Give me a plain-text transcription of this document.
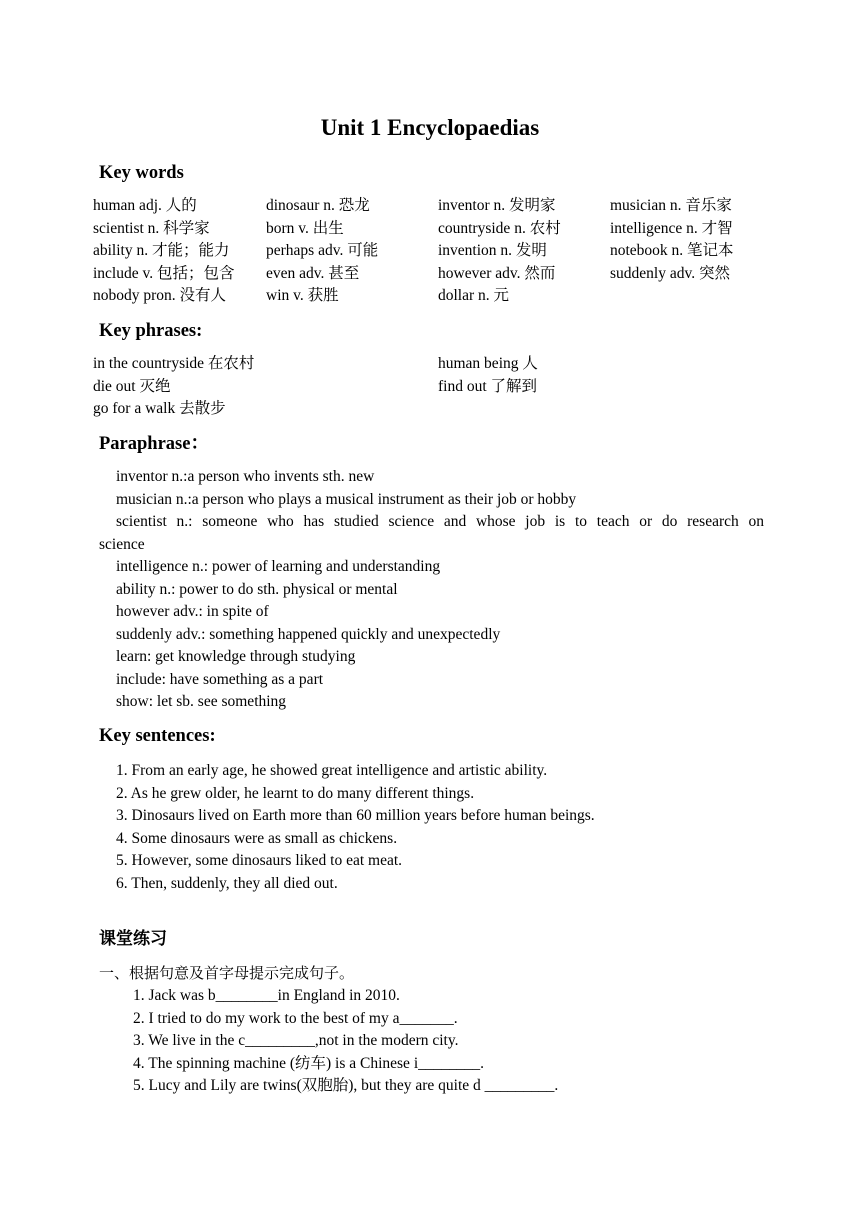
Unit 1 Encyclopaedias
Key words
human adj. 人的
scientist n. 科学家
ability n. 才能；能力
include v. 包括；包含
nobody pron. 没有人
dinosaur n. 恐龙
born v. 出生
perhaps adv. 可能
even adv. 甚至
win v. 获胜
inventor n. 发明家
countryside n. 农村
invention n. 发明
however adv. 然而
dollar n. 元
musician n. 音乐家
intelligence n. 才智
notebook n. 笔记本
suddenly adv. 突然
Key phrases:
in the countryside 在农村
die out 灭绝
go for a walk 去散步
human being 人
find out 了解到
Paraphrase：
inventor n.:a person who invents sth. new
musician n.:a person who plays a musical instrument as their job or hobby
scientist n.: someone who has studied science and whose job is to teach or do research on
science
intelligence n.: power of learning and understanding
ability n.: power to do sth. physical or mental
however adv.: in spite of
suddenly adv.: something happened quickly and unexpectedly
learn: get knowledge through studying
include: have something as a part
show: let sb. see something
Key sentences:
1. From an early age, he showed great intelligence and artistic ability.
2. As he grew older, he learnt to do many different things.
3. Dinosaurs lived on Earth more than 60 million years before human beings.
4. Some dinosaurs were as small as chickens.
5. However, some dinosaurs liked to eat meat.
6. Then, suddenly, they all died out.
课堂练习
一、根据句意及首字母提示完成句子。
1. Jack was b________in England in 2010.
2. I tried to do my work to the best of my a_______.
3. We live in the c_________,not in the modern city.
4. The spinning machine (纺车) is a Chinese i________.
5. Lucy and Lily are twins(双胞胎), but they are quite d _________.
